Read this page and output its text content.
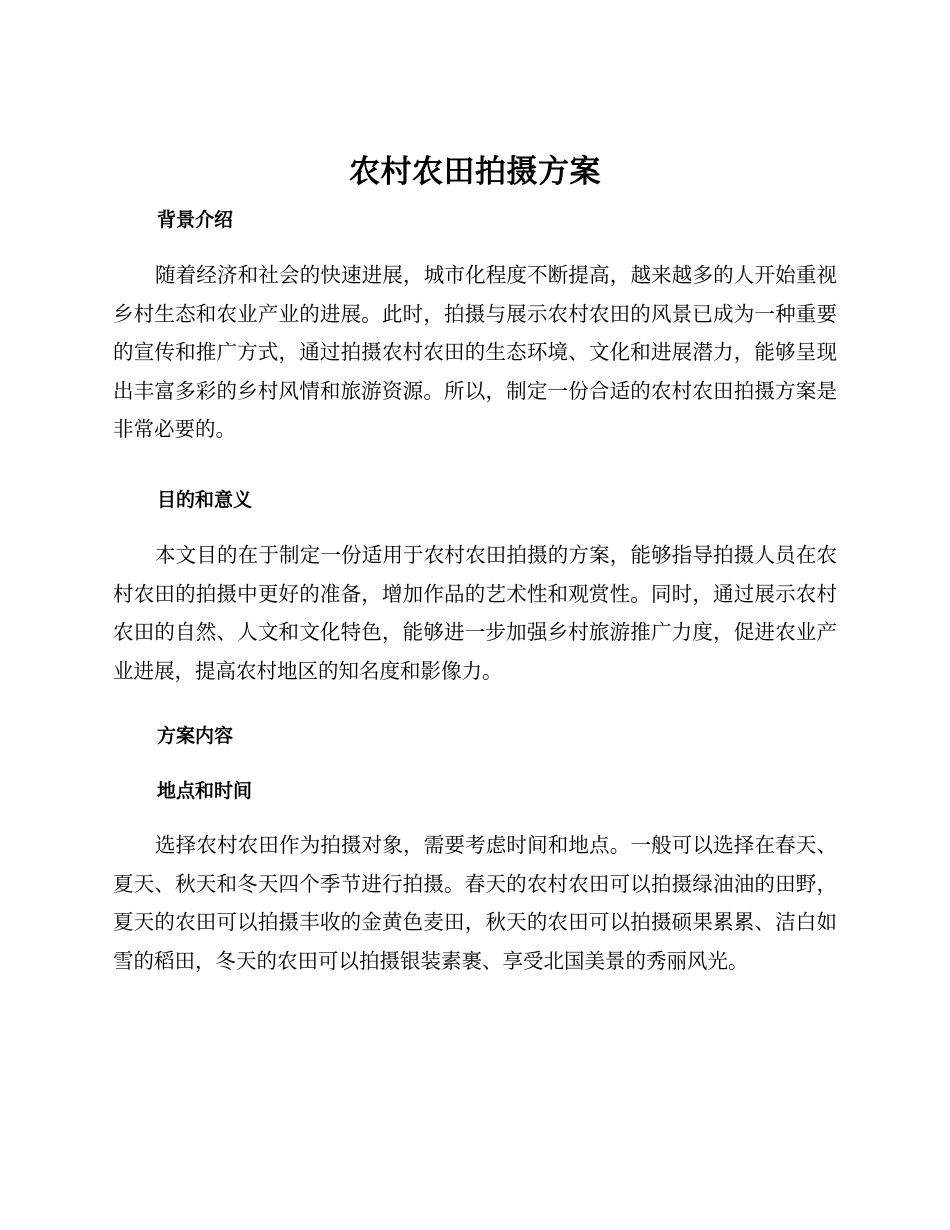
农村农田拍摄方案
背景介绍

随着经济和社会的快速进展，城市化程度不断提高，越来越多的人开始重视乡村生态和农业产业的进展。此时，拍摄与展示农村农田的风景已成为一种重要的宣传和推广方式，通过拍摄农村农田的生态环境、文化和进展潜力，能够呈现出丰富多彩的乡村风情和旅游资源。所以，制定一份合适的农村农田拍摄方案是非常必要的。

目的和意义

本文目的在于制定一份适用于农村农田拍摄的方案，能够指导拍摄人员在农村农田的拍摄中更好的准备，增加作品的艺术性和观赏性。同时，通过展示农村农田的自然、人文和文化特色，能够进一步加强乡村旅游推广力度，促进农业产业进展，提高农村地区的知名度和影像力。

方案内容
地点和时间

选择农村农田作为拍摄对象，需要考虑时间和地点。一般可以选择在春天、夏天、秋天和冬天四个季节进行拍摄。春天的农村农田可以拍摄绿油油的田野，夏天的农田可以拍摄丰收的金黄色麦田，秋天的农田可以拍摄硕果累累、洁白如雪的稻田，冬天的农田可以拍摄银装素裹、享受北国美景的秀丽风光。
